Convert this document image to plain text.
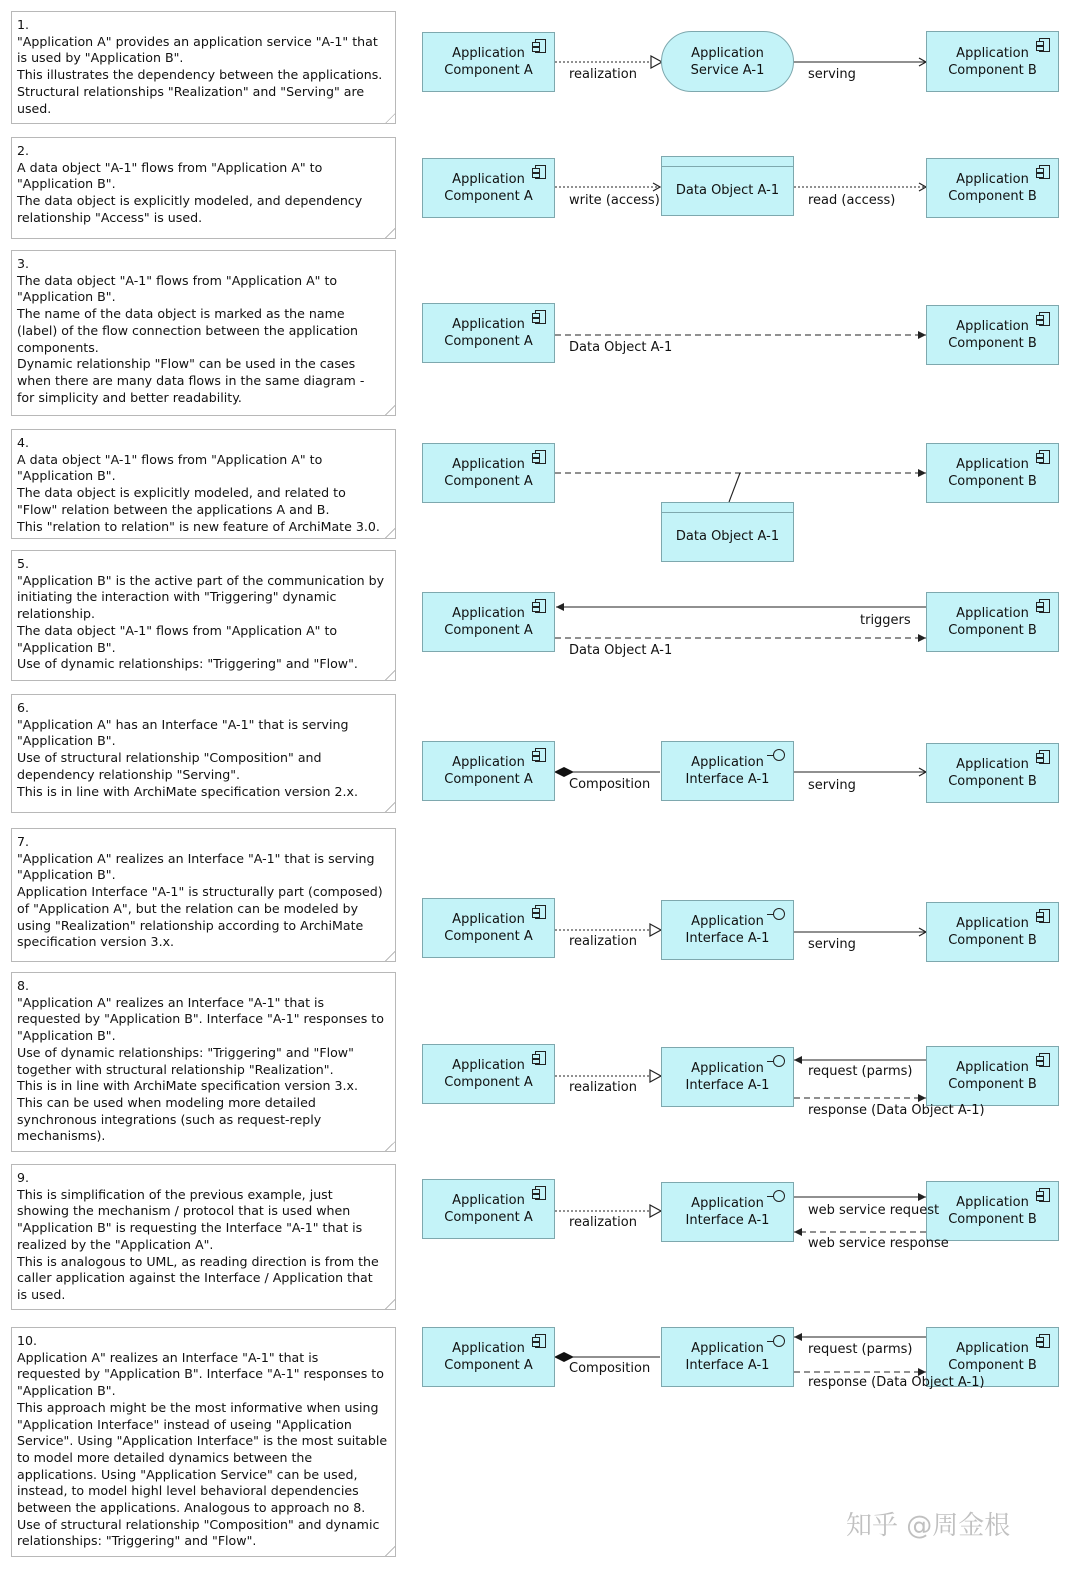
1.
"Application A" provides an application service "A-1" that
is used by "Application B".
This illustrates the dependency between the applications.
Structural relationships "Realization" and "Serving" are
used.
2.
A data object "A-1" flows from "Application A" to
"Application B".
The data object is explicitly modeled, and dependency
relationship "Access" is used.
3.
The data object "A-1" flows from "Application A" to
"Application B".
The name of the data object is marked as the name
(label) of the flow connection between the application
components.
Dynamic relationship "Flow" can be used in the cases
when there are many data flows in the same diagram -
for simplicity and better readability.
4.
A data object "A-1" flows from "Application A" to
"Application B".
The data object is explicitly modeled, and related to
"Flow" relation between the applications A and B.
This "relation to relation" is new feature of ArchiMate 3.0.
5.
"Application B" is the active part of the communication by
initiating the interaction with "Triggering" dynamic
relationship.
The data object "A-1" flows from "Application A" to
"Application B".
Use of dynamic relationships: "Triggering" and "Flow".
6.
"Application A" has an Interface "A-1" that is serving
"Application B".
Use of structural relationship "Composition" and
dependency relationship "Serving".
This is in line with ArchiMate specification version 2.x.
7.
"Application A" realizes an Interface "A-1" that is serving
"Application B".
Application Interface "A-1" is structurally part (composed)
of "Application A", but the relation can be modeled by
using "Realization" relationship according to ArchiMate
specification version 3.x.
8.
"Application A" realizes an Interface "A-1" that is
requested by "Application B". Interface "A-1" responses to
"Application B".
Use of dynamic relationships: "Triggering" and "Flow"
together with structural relationship "Realization".
This is in line with ArchiMate specification version 3.x.
This can be used when modeling more detailed
synchronous integrations (such as request-reply
mechanisms).
9.
This is simplification of the previous example, just
showing the mechanism / protocol that is used when
"Application B" is requesting the Interface "A-1" that is
realized by the "Application A".
This is analogous to UML, as reading direction is from the
caller application against the Interface / Application that
is used.
10.
Application A" realizes an Interface "A-1" that is
requested by "Application B". Interface "A-1" responses to
"Application B".
This approach might be the most informative when using
"Application Interface" instead of useing "Application
Service". Using "Application Interface" is the most suitable
to model more detailed dynamics between the
applications. Using "Application Service" can be used,
instead, to model highl level behavioral dependencies
between the applications. Analogous to approach no 8.
Use of structural relationship "Composition" and dynamic
relationships: "Triggering" and "Flow".
Application
Component A
Application
Service A-1
Application
Component B
realization	serving
Application
Component A	Data Object A-1
Application
Component B
write (access)	read (access)
Application
Component A
Application
Component B
Data Object A-1
Application
Component A
Application
Component B
Data Object A-1
Application
Component A
Application
Component B
triggers
Data Object A-1
Application
Component A
Application
Interface A-1
Application
Component B
Composition	serving
Application
Component A
Application
Interface A-1
Application
Component B
realization	serving
Application
Component A
Application
Interface A-1
Application
Component B
realization
request (parms)
response (Data Object A-1)
Application
Component A
Application
Interface A-1
Application
Component B
realization
web service request
web service response
Application
Component A
Application
Interface A-1
Application
Component B
Composition
request (parms)
response (Data Object A-1)
知乎 @周金根
